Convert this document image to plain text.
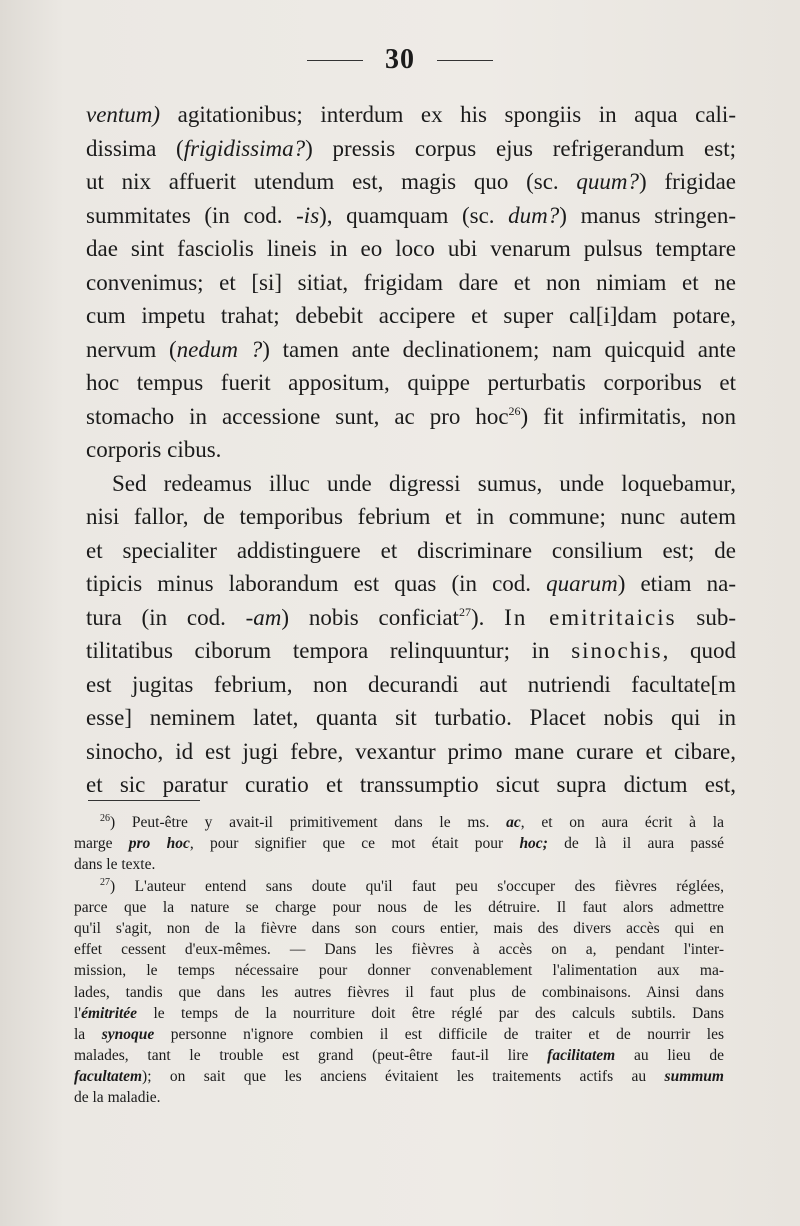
30
ventum) agitationibus; interdum ex his spongiis in aqua cali-
dissima (frigidissima?) pressis corpus ejus refrigerandum est;
ut nix affuerit utendum est, magis quo (sc. quum?) frigidae
summitates (in cod. -is), quamquam (sc. dum?) manus stringen-
dae sint fasciolis lineis in eo loco ubi venarum pulsus temptare
convenimus; et [si] sitiat, frigidam dare et non nimiam et ne
cum impetu trahat; debebit accipere et super cal[i]dam potare,
nervum (nedum ?) tamen ante declinationem; nam quicquid ante
hoc tempus fuerit appositum, quippe perturbatis corporibus et
stomacho in accessione sunt, ac pro hoc$^{26}$) fit infirmitatis, non
corporis cibus.
Sed redeamus illuc unde digressi sumus, unde loquebamur,
nisi fallor, de temporibus febrium et in commune; nunc autem
et specialiter addistinguere et discriminare consilium est; de
tipicis minus laborandum est quas (in cod. quarum) etiam na-
tura (in cod. -am) nobis conficiat$^{27}$). In emitritaicis sub-
tilitatibus ciborum tempora relinquuntur; in sinochis, quod
est jugitas febrium, non decurandi aut nutriendi facultate[m
esse] neminem latet, quanta sit turbatio. Placet nobis qui in
sinocho, id est jugi febre, vexantur primo mane curare et cibare,
et sic paratur curatio et transsumptio sicut supra dictum est,
$^{26}$) Peut-être y avait-il primitivement dans le ms. ac, et on aura écrit à la
marge pro hoc, pour signifier que ce mot était pour hoc; de là il aura passé
dans le texte.
$^{27}$) L'auteur entend sans doute qu'il faut peu s'occuper des fièvres réglées,
parce que la nature se charge pour nous de les détruire. Il faut alors admettre
qu'il s'agit, non de la fièvre dans son cours entier, mais des divers accès qui en
effet cessent d'eux-mêmes. — Dans les fièvres à accès on a, pendant l'inter-
mission, le temps nécessaire pour donner convenablement l'alimentation aux ma-
lades, tandis que dans les autres fièvres il faut plus de combinaisons. Ainsi dans
l'émitritée le temps de la nourriture doit être réglé par des calculs subtils. Dans
la synoque personne n'ignore combien il est difficile de traiter et de nourrir les
malades, tant le trouble est grand (peut-être faut-il lire facilitatem au lieu de
facultatem); on sait que les anciens évitaient les traitements actifs au summum
de la maladie.
